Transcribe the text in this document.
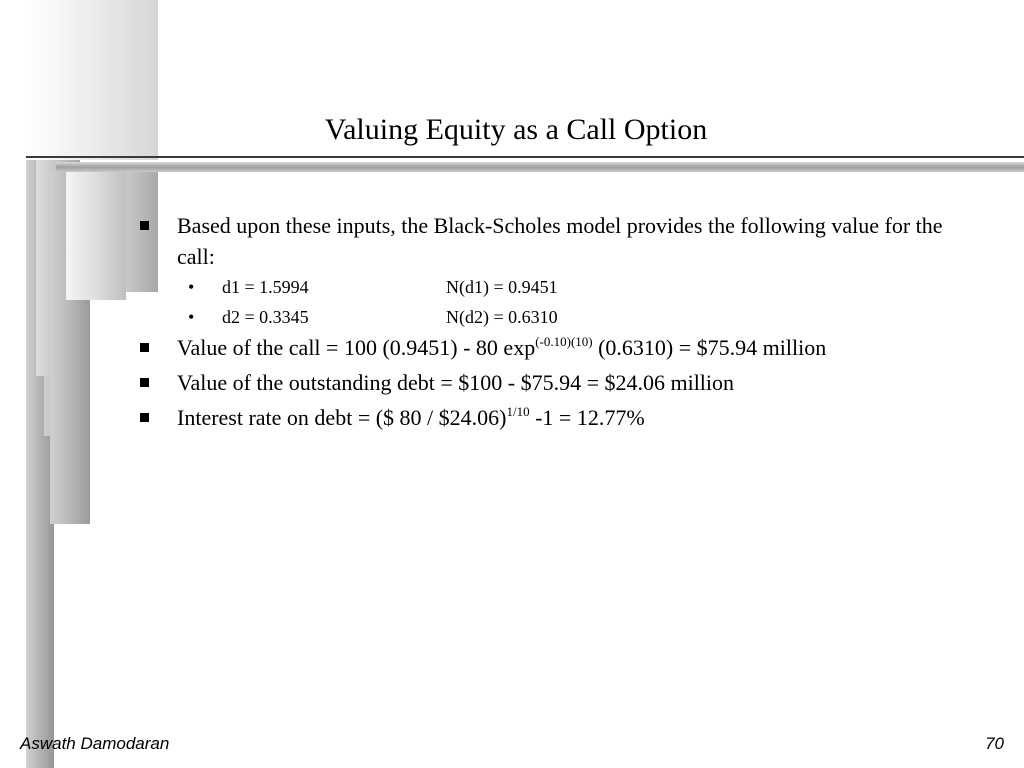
Valuing Equity as a Call Option
Based upon these inputs, the Black-Scholes model provides the following value for the call:
• d1 = 1.5994	N(d1) = 0.9451
• d2 = 0.3345	N(d2) = 0.6310
Value of the call = 100 (0.9451) - 80 $\exp^{(-0.10)(10)} (0.6310)$ = $75.94 million
Value of the outstanding debt = $100 - $75.94 = $24.06 million
Interest rate on debt = ($ 80 / $24.06)$^{1/10}$ -1 = 12.77%
Aswath Damodaran	70
